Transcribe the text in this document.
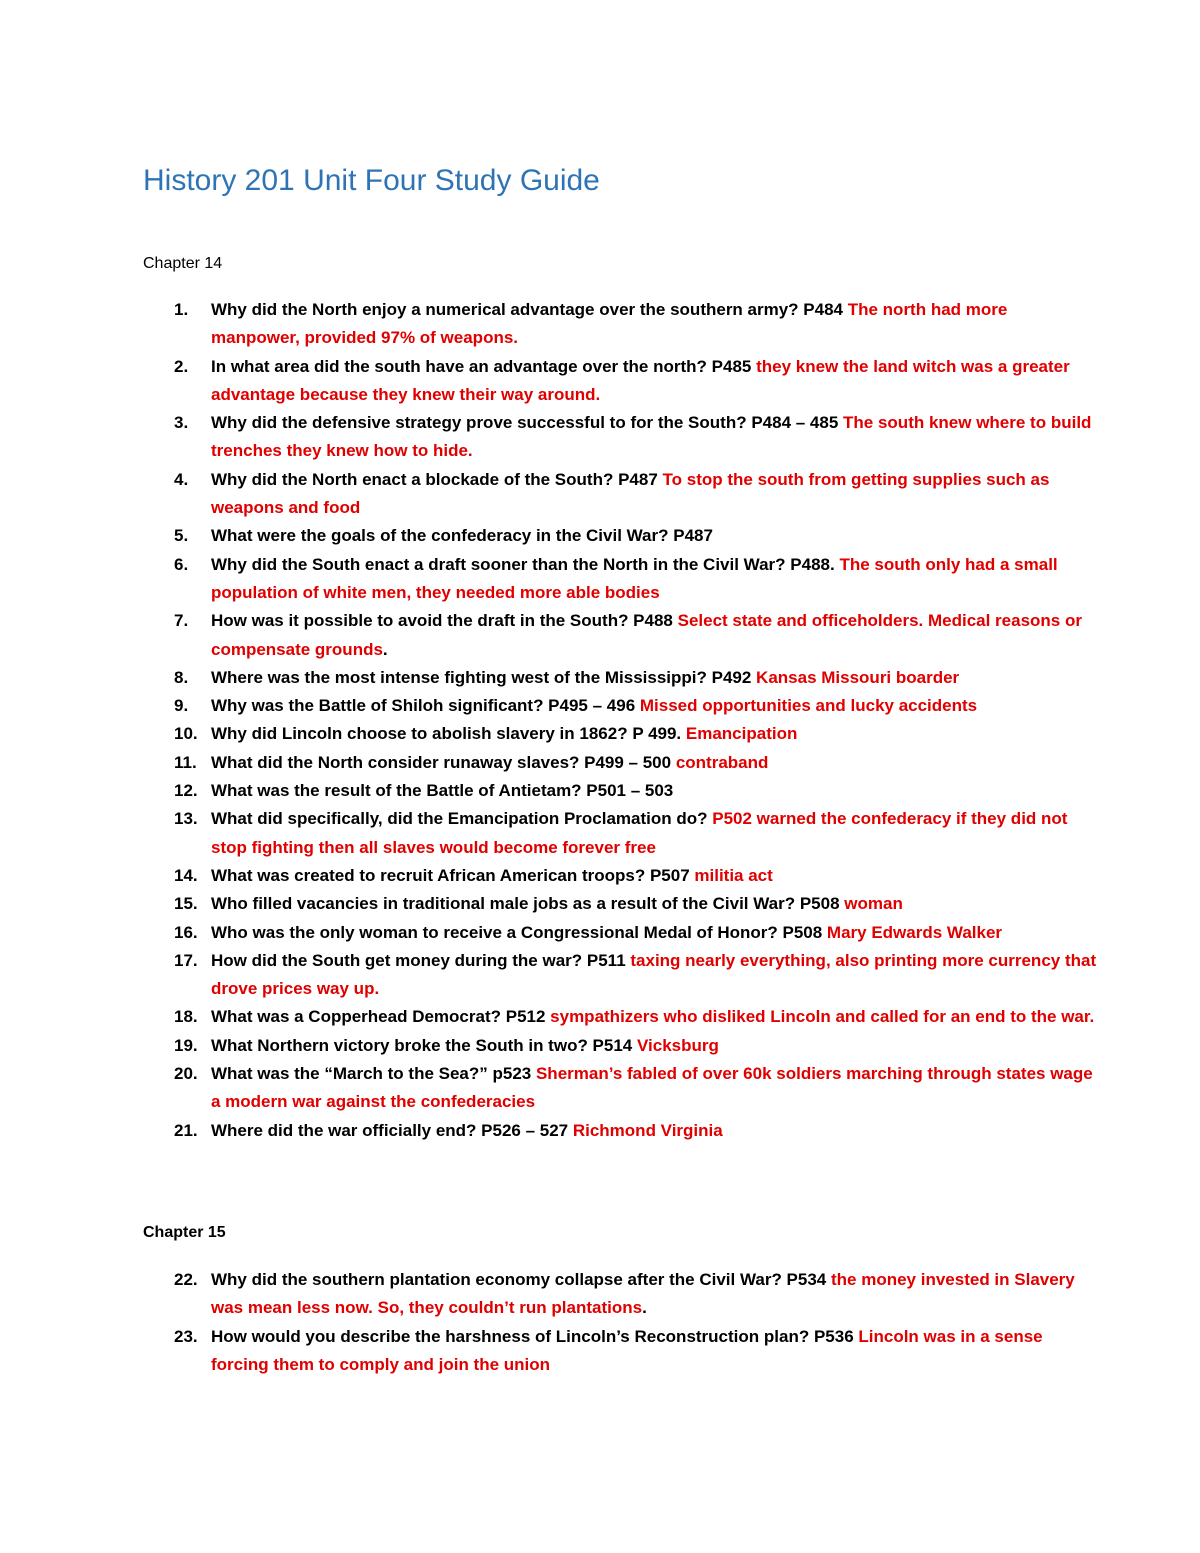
History 201 Unit Four Study Guide

Chapter 14

1. Why did the North enjoy a numerical advantage over the southern army? P484 The north had more manpower, provided 97% of weapons.
2. In what area did the south have an advantage over the north? P485 they knew the land witch was a greater advantage because they knew their way around.
3. Why did the defensive strategy prove successful to for the South? P484 – 485 The south knew where to build trenches they knew how to hide.
4. Why did the North enact a blockade of the South? P487 To stop the south from getting supplies such as weapons and food
5. What were the goals of the confederacy in the Civil War? P487
6. Why did the South enact a draft sooner than the North in the Civil War? P488. The south only had a small population of white men, they needed more able bodies
7. How was it possible to avoid the draft in the South? P488 Select state and officeholders. Medical reasons or compensate grounds.
8. Where was the most intense fighting west of the Mississippi? P492 Kansas Missouri boarder
9. Why was the Battle of Shiloh significant? P495 – 496 Missed opportunities and lucky accidents
10. Why did Lincoln choose to abolish slavery in 1862? P 499. Emancipation
11. What did the North consider runaway slaves? P499 – 500 contraband
12. What was the result of the Battle of Antietam? P501 – 503
13. What did specifically, did the Emancipation Proclamation do? P502 warned the confederacy if they did not stop fighting then all slaves would become forever free
14. What was created to recruit African American troops? P507 militia act
15. Who filled vacancies in traditional male jobs as a result of the Civil War? P508 woman
16. Who was the only woman to receive a Congressional Medal of Honor? P508 Mary Edwards Walker
17. How did the South get money during the war? P511 taxing nearly everything, also printing more currency that drove prices way up.
18. What was a Copperhead Democrat? P512 sympathizers who disliked Lincoln and called for an end to the war.
19. What Northern victory broke the South in two? P514 Vicksburg
20. What was the “March to the Sea?” p523 Sherman’s fabled of over 60k soldiers marching through states wage a modern war against the confederacies
21. Where did the war officially end? P526 – 527 Richmond Virginia

Chapter 15

22. Why did the southern plantation economy collapse after the Civil War? P534 the money invested in Slavery was mean less now. So, they couldn’t run plantations.
23. How would you describe the harshness of Lincoln’s Reconstruction plan? P536 Lincoln was in a sense forcing them to comply and join the union
